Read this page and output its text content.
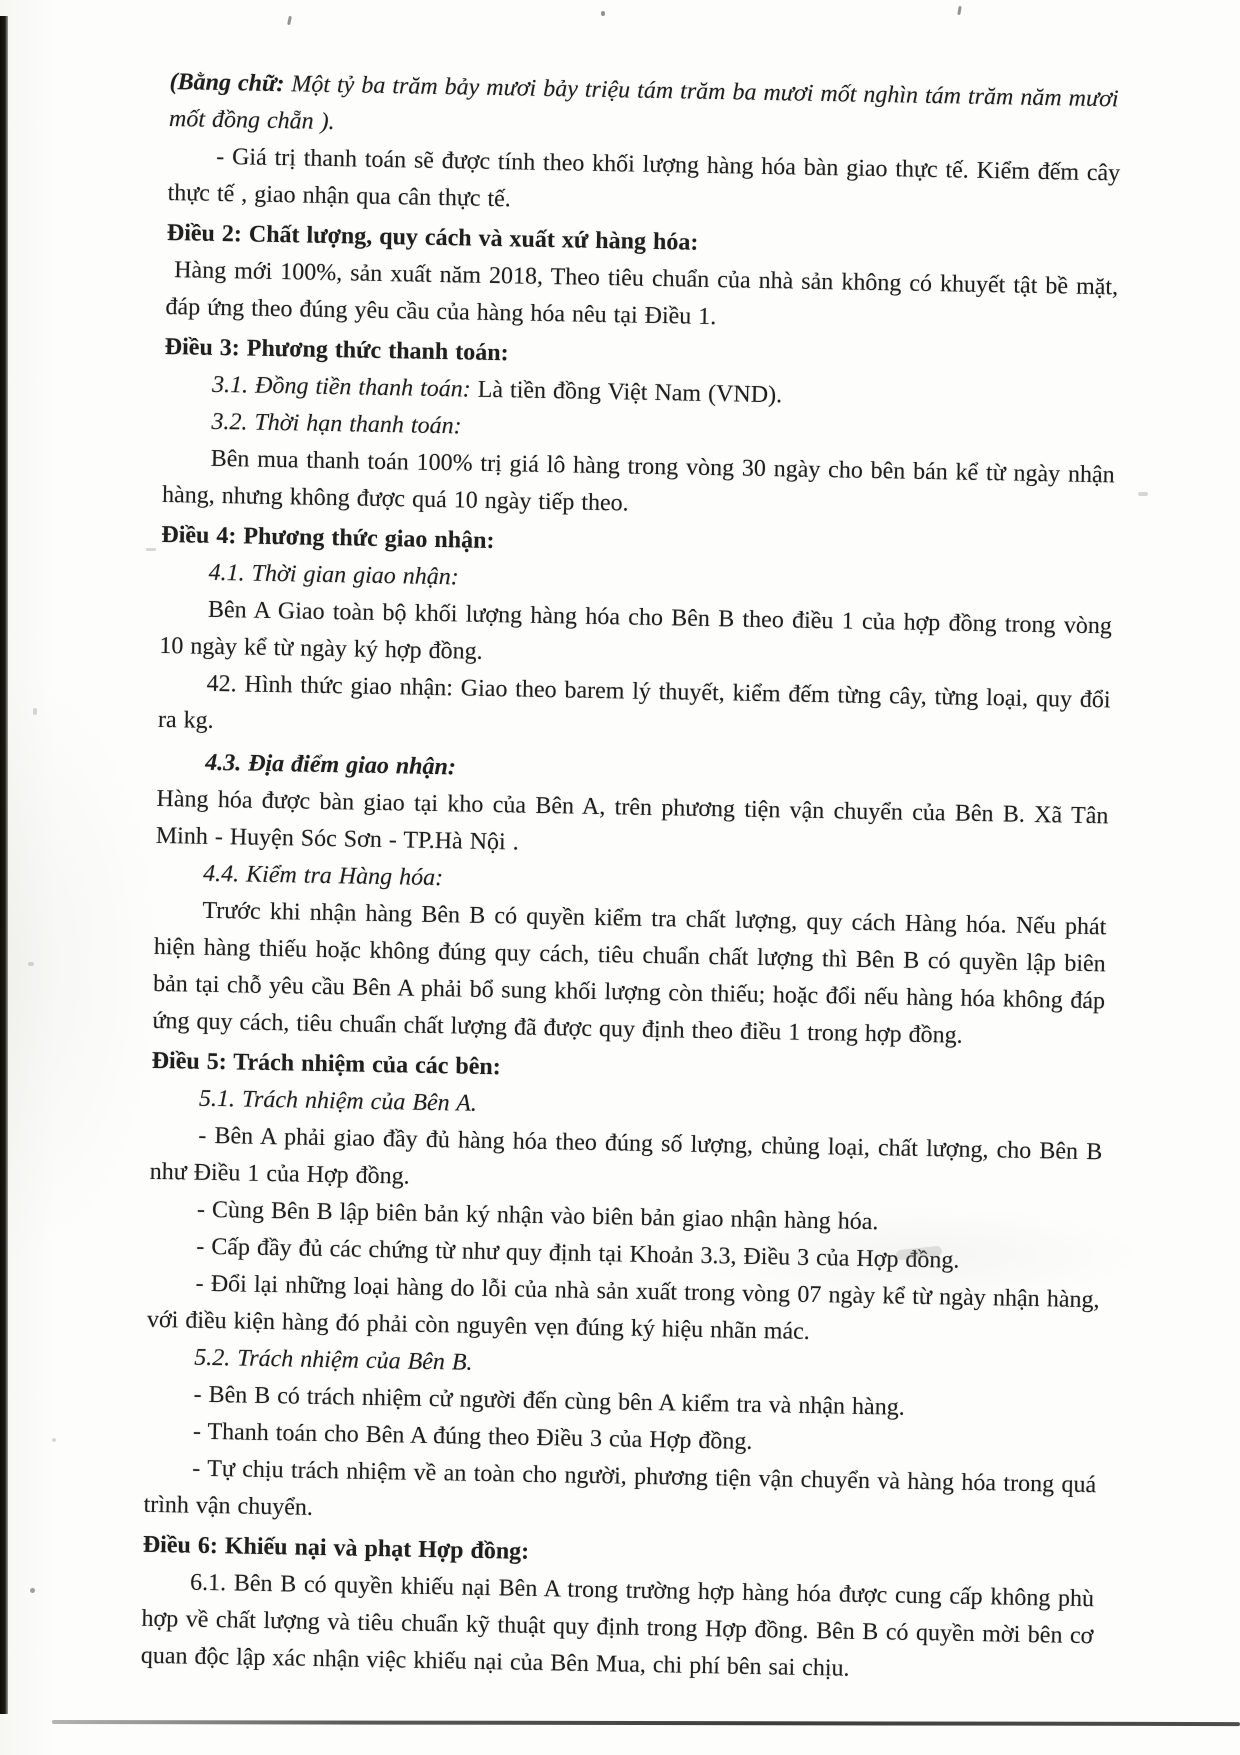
(Bằng chữ: Một tỷ ba trăm bảy mươi bảy triệu tám trăm ba mươi mốt nghìn tám trăm năm mươi mốt đồng chẵn ).

- Giá trị thanh toán sẽ được tính theo khối lượng hàng hóa bàn giao thực tế. Kiểm đếm cây thực tế , giao nhận qua cân thực tế.

Điều 2: Chất lượng, quy cách và xuất xứ hàng hóa:

Hàng mới 100%, sản xuất năm 2018, Theo tiêu chuẩn của nhà sản không có khuyết tật bề mặt, đáp ứng theo đúng yêu cầu của hàng hóa nêu tại Điều 1.

Điều 3: Phương thức thanh toán:

3.1. Đồng tiền thanh toán: Là tiền đồng Việt Nam (VND).

3.2. Thời hạn thanh toán:

Bên mua thanh toán 100% trị giá lô hàng trong vòng 30 ngày cho bên bán kể từ ngày nhận hàng, nhưng không được quá 10 ngày tiếp theo.

Điều 4: Phương thức giao nhận:

4.1. Thời gian giao nhận:

Bên A Giao toàn bộ khối lượng hàng hóa cho Bên B theo điều 1 của hợp đồng trong vòng 10 ngày kể từ ngày ký hợp đồng.

42. Hình thức giao nhận: Giao theo barem lý thuyết, kiểm đếm từng cây, từng loại, quy đổi ra kg.

4.3. Địa điểm giao nhận:

Hàng hóa được bàn giao tại kho của Bên A, trên phương tiện vận chuyển của Bên B. Xã Tân Minh - Huyện Sóc Sơn - TP.Hà Nội .

4.4. Kiểm tra Hàng hóa:

Trước khi nhận hàng Bên B có quyền kiểm tra chất lượng, quy cách Hàng hóa. Nếu phát hiện hàng thiếu hoặc không đúng quy cách, tiêu chuẩn chất lượng thì Bên B có quyền lập biên bản tại chỗ yêu cầu Bên A phải bổ sung khối lượng còn thiếu; hoặc đổi nếu hàng hóa không đáp ứng quy cách, tiêu chuẩn chất lượng đã được quy định theo điều 1 trong hợp đồng.

Điều 5: Trách nhiệm của các bên:

5.1. Trách nhiệm của Bên A.

- Bên A phải giao đầy đủ hàng hóa theo đúng số lượng, chủng loại, chất lượng, cho Bên B như Điều 1 của Hợp đồng.

- Cùng Bên B lập biên bản ký nhận vào biên bản giao nhận hàng hóa.

- Cấp đầy đủ các chứng từ như quy định tại Khoản 3.3, Điều 3 của Hợp đồng.

- Đổi lại những loại hàng do lỗi của nhà sản xuất trong vòng 07 ngày kể từ ngày nhận hàng, với điều kiện hàng đó phải còn nguyên vẹn đúng ký hiệu nhãn mác.

5.2. Trách nhiệm của Bên B.

- Bên B có trách nhiệm cử người đến cùng bên A kiểm tra và nhận hàng.

- Thanh toán cho Bên A đúng theo Điều 3 của Hợp đồng.

- Tự chịu trách nhiệm về an toàn cho người, phương tiện vận chuyển và hàng hóa trong quá trình vận chuyển.

Điều 6: Khiếu nại và phạt Hợp đồng:

6.1. Bên B có quyền khiếu nại Bên A trong trường hợp hàng hóa được cung cấp không phù hợp về chất lượng và tiêu chuẩn kỹ thuật quy định trong Hợp đồng. Bên B có quyền mời bên cơ quan độc lập xác nhận việc khiếu nại của Bên Mua, chi phí bên sai chịu.
